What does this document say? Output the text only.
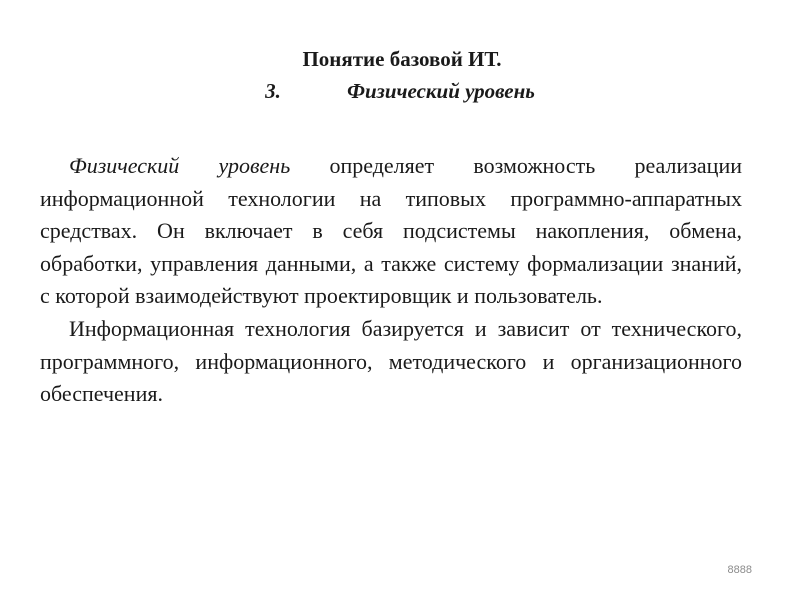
Понятие базовой ИТ.
3.	Физический уровень

Физический уровень определяет возможность реализации информационной технологии на типовых программно-аппаратных средствах. Он включает в себя подсистемы накопления, обмена, обработки, управления данными, а также систему формализации знаний, с которой взаимодействуют проектировщик и пользователь.

Информационная технология базируется и зависит от технического, программного, информационного, методического и организационного обеспечения.

8888
